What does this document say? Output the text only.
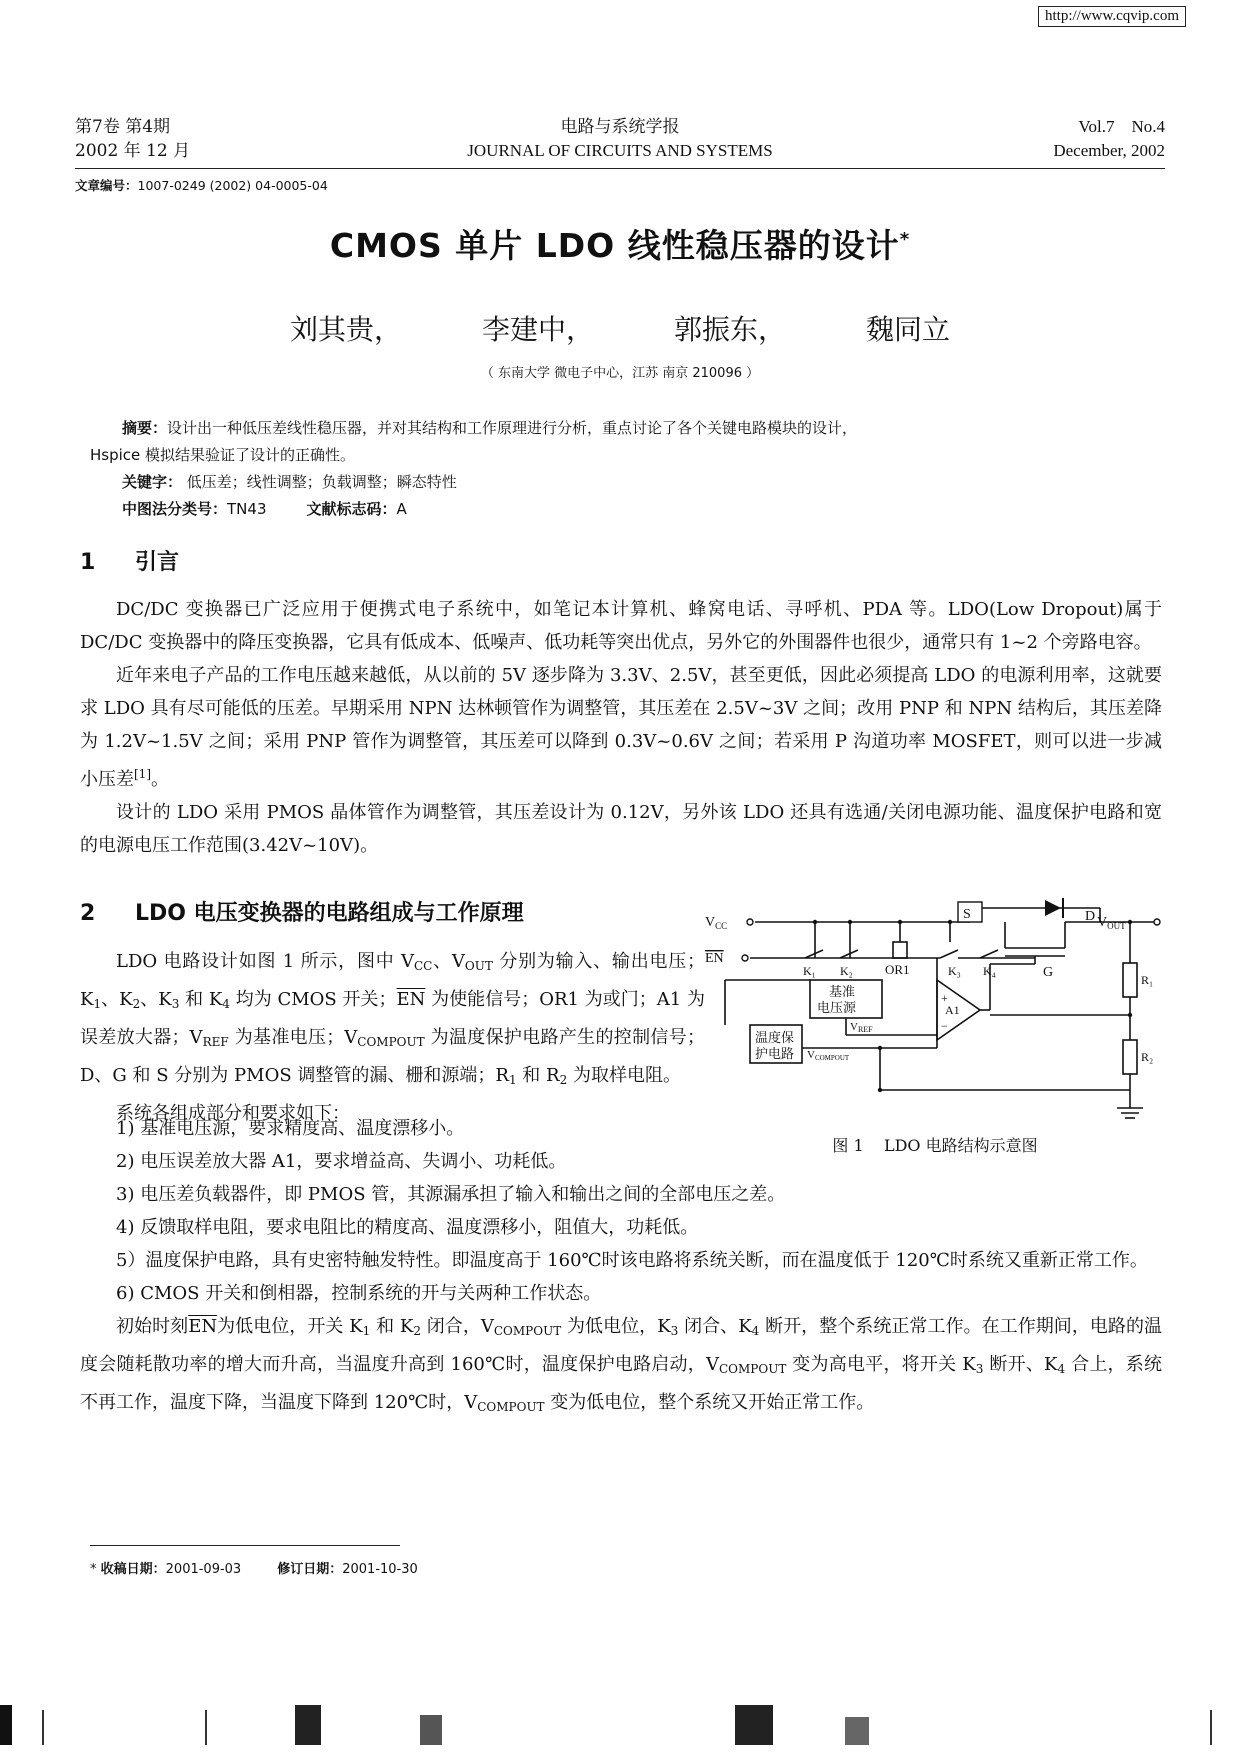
http://www.cqvip.com
第7卷 第4期
2002 年 12 月
电路与系统学报
JOURNAL OF CIRCUITS AND SYSTEMS
Vol.7    No.4
December, 2002
文章编号：1007-0249 (2002) 04-0005-04
CMOS 单片 LDO 线性稳压器的设计*
刘其贵，	李建中，	郭振东，	魏同立
（ 东南大学 微电子中心，江苏 南京 210096 ）
摘要：设计出一种低压差线性稳压器，并对其结构和工作原理进行分析，重点讨论了各个关键电路模块的设计，
Hspice 模拟结果验证了设计的正确性。
关键字： 低压差；线性调整；负载调整；瞬态特性
中图法分类号：TN43	文献标志码：A
1 引言

DC/DC 变换器已广泛应用于便携式电子系统中，如笔记本计算机、蜂窝电话、寻呼机、PDA 等。LDO(Low Dropout)属于 DC/DC 变换器中的降压变换器，它具有低成本、低噪声、低功耗等突出优点，另外它的外围器件也很少，通常只有 1~2 个旁路电容。

近年来电子产品的工作电压越来越低，从以前的 5V 逐步降为 3.3V、2.5V，甚至更低，因此必须提高 LDO 的电源利用率，这就要求 LDO 具有尽可能低的压差。早期采用 NPN 达林顿管作为调整管，其压差在 2.5V~3V 之间；改用 PNP 和 NPN 结构后，其压差降为 1.2V~1.5V 之间；采用 PNP 管作为调整管，其压差可以降到 0.3V~0.6V 之间；若采用 P 沟道功率 MOSFET，则可以进一步减小压差[1]。

设计的 LDO 采用 PMOS 晶体管作为调整管，其压差设计为 0.12V，另外该 LDO 还具有选通/关闭电源功能、温度保护电路和宽的电源电压工作范围(3.42V~10V)。

2 LDO 电压变换器的电路组成与工作原理

LDO 电路设计如图 1 所示，图中 $V_{CC}$、$V_{OUT}$ 分别为输入、输出电压；$K_1$、$K_2$、$K_3$ 和 $K_4$ 均为 CMOS 开关；$\overline{EN}$ 为使能信号；OR1 为或门；A1 为误差放大器；$V_{REF}$ 为基准电压；$V_{COMPOUT}$ 为温度保护电路产生的控制信号；D、G 和 S 分别为 PMOS 调整管的漏、栅和源端；$R_1$ 和 $R_2$ 为取样电阻。

系统各组成部分和要求如下：

1) 基准电压源，要求精度高、温度漂移小。

2) 电压误差放大器 A1，要求增益高、失调小、功耗低。

3) 电压差负载器件，即 PMOS 管，其源漏承担了输入和输出之间的全部电压之差。

4) 反馈取样电阻，要求电阻比的精度高、温度漂移小，阻值大，功耗低。

5）温度保护电路，具有史密特触发特性。即温度高于 160℃时该电路将系统关断，而在温度低于 120℃时系统又重新正常工作。

6) CMOS 开关和倒相器，控制系统的开与关两种工作状态。

初始时刻$\overline{EN}$为低电位，开关 $K_1$ 和 $K_2$ 闭合，$V_{COMPOUT}$ 为低电位，$K_3$ 闭合、$K_4$ 断开，整个系统正常工作。在工作期间，电路的温度会随耗散功率的增大而升高，当温度升高到 160℃时，温度保护电路启动，$V_{COMPOUT}$ 变为高电平，将开关 $K_3$ 断开、$K_4$ 合上，系统不再工作，温度下降，当温度下降到 120℃时，$V_{COMPOUT}$ 变为低电位，整个系统又开始正常工作。

$V_{CC}$
EN
S	D
G
$V_{OUT}$
K₁ K₂ OR1	K₃ K₄
A1
+
−
基准
电压源
VREF
温度保
护电路 VCOMPOUT
R₁
R₂
图 1    LDO 电路结构示意图
* 收稿日期：2001-09-03	修订日期：2001-10-30
